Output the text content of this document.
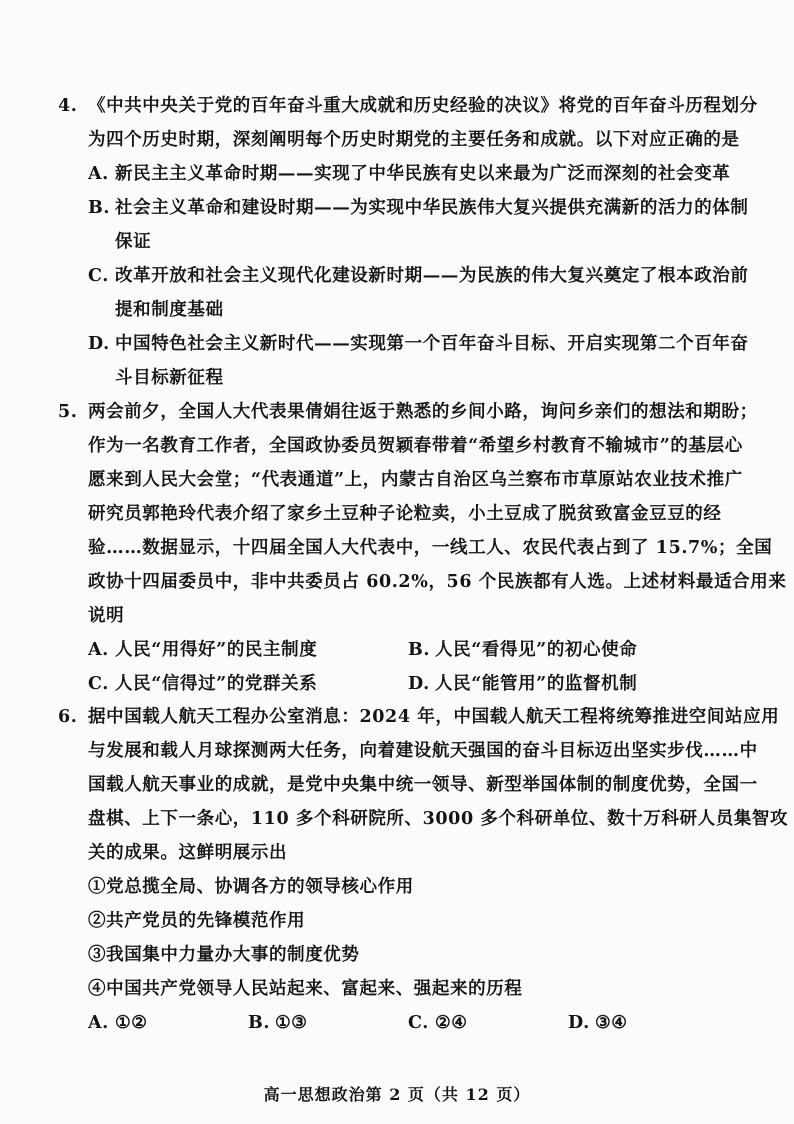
4. 《中共中央关于党的百年奋斗重大成就和历史经验的决议》将党的百年奋斗历程划分
为四个历史时期，深刻阐明每个历史时期党的主要任务和成就。以下对应正确的是
A. 新民主主义革命时期——实现了中华民族有史以来最为广泛而深刻的社会变革
B. 社会主义革命和建设时期——为实现中华民族伟大复兴提供充满新的活力的体制
保证
C. 改革开放和社会主义现代化建设新时期——为民族的伟大复兴奠定了根本政治前
提和制度基础
D. 中国特色社会主义新时代——实现第一个百年奋斗目标、开启实现第二个百年奋
斗目标新征程
5. 两会前夕，全国人大代表果倩娟往返于熟悉的乡间小路，询问乡亲们的想法和期盼；
作为一名教育工作者，全国政协委员贺颖春带着“希望乡村教育不输城市”的基层心
愿来到人民大会堂；“代表通道”上，内蒙古自治区乌兰察布市草原站农业技术推广
研究员郭艳玲代表介绍了家乡土豆种子论粒卖，小土豆成了脱贫致富金豆豆的经
验……数据显示，十四届全国人大代表中，一线工人、农民代表占到了 15.7%；全国
政协十四届委员中，非中共委员占 60.2%，56 个民族都有人选。上述材料最适合用来
说明
A. 人民“用得好”的民主制度	B. 人民“看得见”的初心使命
C. 人民“信得过”的党群关系	D. 人民“能管用”的监督机制
6. 据中国载人航天工程办公室消息：2024 年，中国载人航天工程将统筹推进空间站应用
与发展和载人月球探测两大任务，向着建设航天强国的奋斗目标迈出坚实步伐……中
国载人航天事业的成就，是党中央集中统一领导、新型举国体制的制度优势，全国一
盘棋、上下一条心，110 多个科研院所、3000 多个科研单位、数十万科研人员集智攻
关的成果。这鲜明展示出
①党总揽全局、协调各方的领导核心作用
②共产党员的先锋模范作用
③我国集中力量办大事的制度优势
④中国共产党领导人民站起来、富起来、强起来的历程
A. ①②	B. ①③	C. ②④	D. ③④
高一思想政治第 2 页（共 12 页）
